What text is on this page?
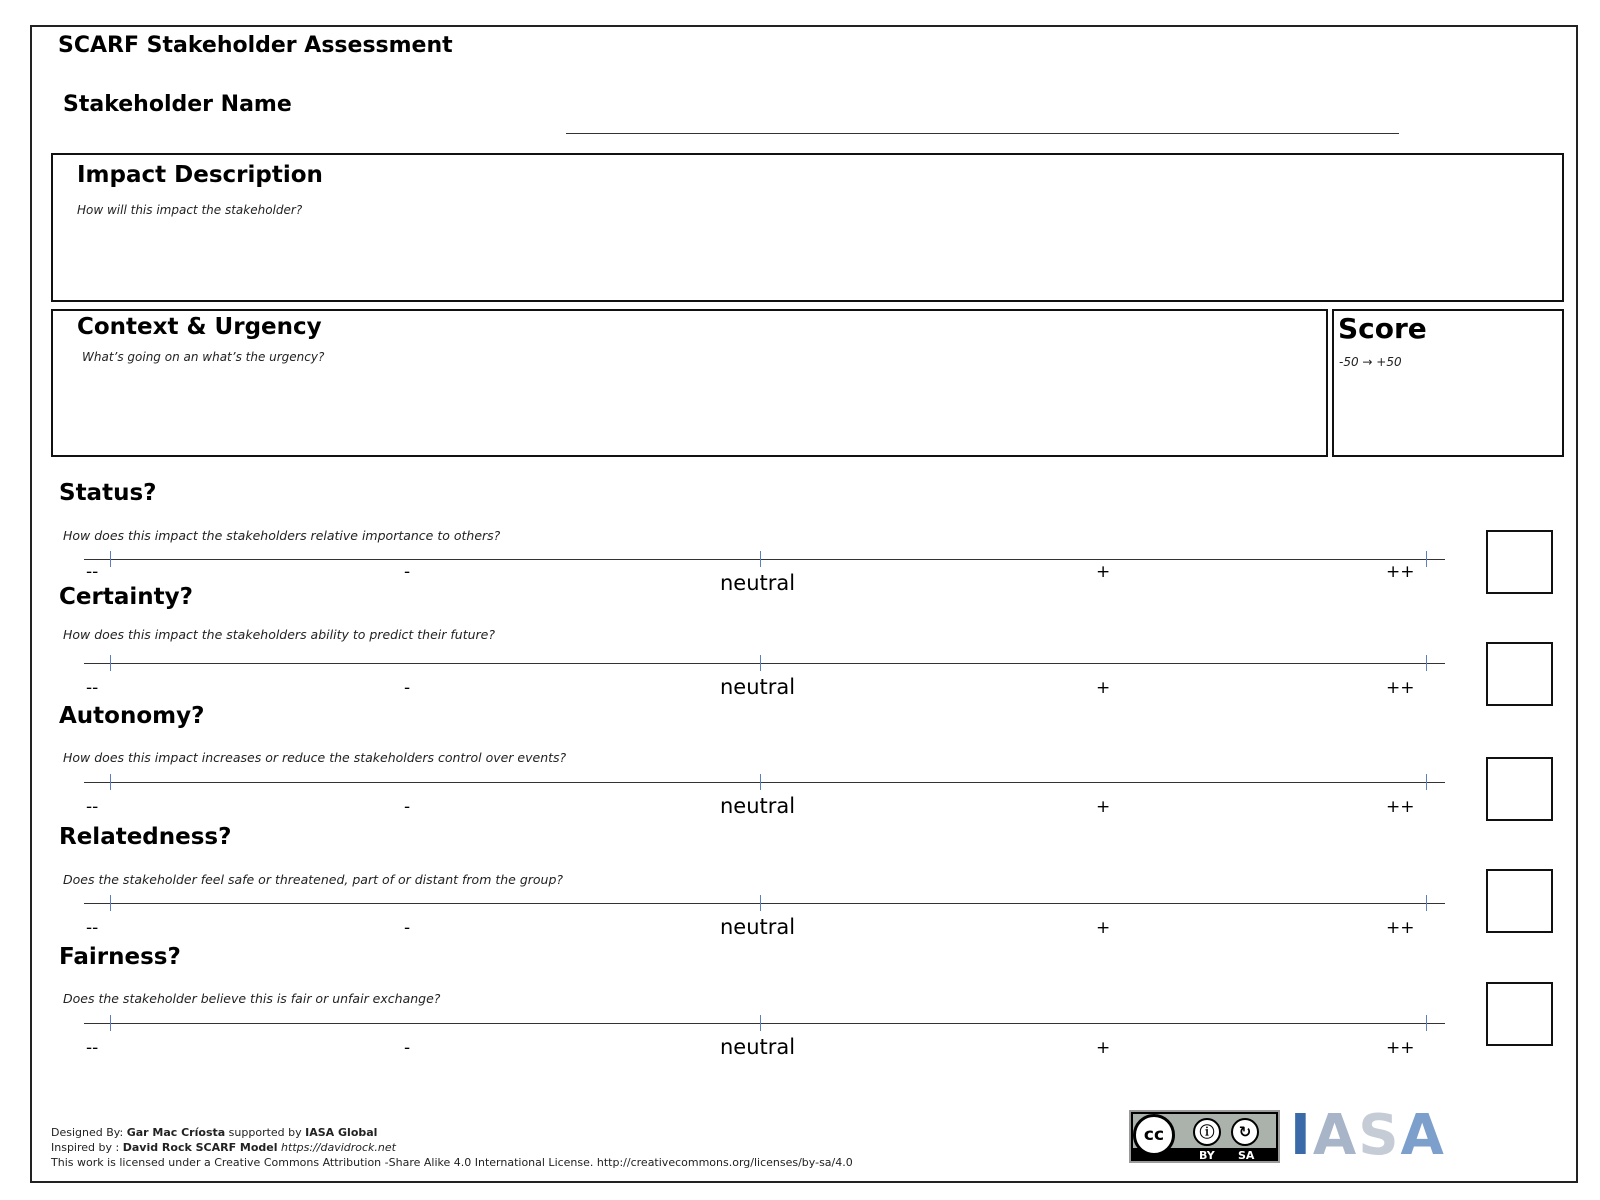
SCARF Stakeholder Assessment
Stakeholder Name
Impact Description
How will this impact the stakeholder?
Context & Urgency
What’s going on an what’s the urgency?
Score
-50 → +50
Status?
How does this impact the stakeholders relative importance to others?
--	-	neutral	+	++
Certainty?
How does this impact the stakeholders ability to predict their future?
--	-	neutral	+	++
Autonomy?
How does this impact increases or reduce the stakeholders control over events?
--	-	neutral	+	++
Relatedness?
Does the stakeholder feel safe or threatened, part of or distant from the group?
--	-	neutral	+	++
Fairness?
Does the stakeholder believe this is fair or unfair exchange?
--	-	neutral	+	++
Designed By: Gar Mac Críosta supported by IASA Global
Inspired by : David Rock SCARF Model https://davidrock.net
This work is licensed under a Creative Commons Attribution -Share Alike 4.0 International License. http://creativecommons.org/licenses/by-sa/4.0
cc	ⓘ	↻
BY SA I A S A
